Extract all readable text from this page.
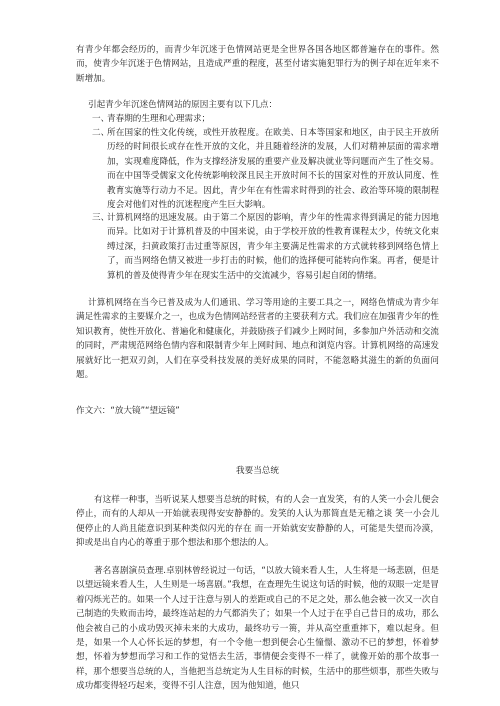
有青少年都会经历的，而青少年沉迷于色情网站更是全世界各国各地区都普遍存在的事件。然而，使青少年沉迷于色情网站，且造成严重的程度，甚至付诸实施犯罪行为的例子却在近年来不断增加。
引起青少年沉迷色情网站的原因主要有以下几点：
一、
青春期的生理和心理需求；
二、
所在国家的性文化传统，或性开放程度。在欧美、日本等国家和地区，由于民主开放所历经的时间很长或存在性开放的文化，并且随着经济的发展，人们对精神层面的需求增加，实现难度降低，作为支撑经济发展的重要产业及解决就业等问题而产生了性交易。而在中国等受儒家文化传统影响较深且民主开放时间不长的国家对性的开放认同度、性教育实施等行动力不足。因此，青少年在有性需求时得到的社会、政治等环境的限制程度会对他们对性的沉迷程度产生巨大影响。
三、
计算机网络的迅速发展。由于第二个原因的影响，青少年的性需求得到满足的能力因地而异。比如对于计算机普及的中国来说，由于学校开放的性教育课程太少，传统文化束缚过深，扫黄政策打击过重等原因，青少年主要满足性需求的方式就转移到网络色情上了，而当网络色情又被进一步打击的时候，他们的选择便可能转向作案。再者，便是计算机的普及使得青少年在现实生活中的交流减少，容易引起自闭的情绪。
计算机网络在当今已普及成为人们通讯、学习等用途的主要工具之一，网络色情成为青少年满足性需求的主要媒介之一，也成为色情网站经营者的主要获利方式。我们应在加强青少年的性知识教育，使性开放化、普遍化和健康化，并鼓励孩子们减少上网时间，多参加户外活动和交流的同时，严肃规范网络色情内容和限制青少年上网时间、地点和浏览内容。计算机网络的高速发展就好比一把双刃剑，人们在享受科技发展的美好成果的同时，不能忽略其滋生的新的负面问题。
作文六：“放大镜”“望远镜”
我要当总统
有这样一种事，当听说某人想要当总统的时候，有的人会一直发笑，有的人笑一小会儿便会停止，而有的人却从一开始就表现得安安静静的。发笑的人认为那简直是无稽之谈 笑一小会儿便停止的人尚且能意识到某种类似闪光的存在 而一开始就安安静静的人，可能是失望而冷漠，抑或是出自内心的尊重于那个想法和那个想法的人。
著名喜剧演员查理.卓别林曾经说过一句话，“以放大镜来看人生，人生将是一场悲剧，但是以望远镜来看人生，人生则是一场喜剧。”我想，在查理先生说这句话的时候，他的双眼一定是冒着闪烁光芒的。如果一个人过于注意与别人的差距或自己的不足之处，那么他会被一次又一次自己制造的失败而击垮，最终连站起的力气都消失了；如果一个人过于在乎自己昔日的成功，那么他会被自己的小成功毁灭掉未来的大成功，最终功亏一篑，并从高空重重摔下，难以起身。但是，如果一个人心怀长远的梦想，有一个令他一想到便会心生憧憬、激动不已的梦想，怀着梦想，怀着为梦想而学习和工作的觉悟去生活，事情便会变得不一样了，就像开始的那个故事一样，那个想要当总统的人，当他把当总统定为人生目标的时候，生活中的那些烦事，那些失败与成功都变得轻巧起来，变得不引人注意，因为他知道，他只
